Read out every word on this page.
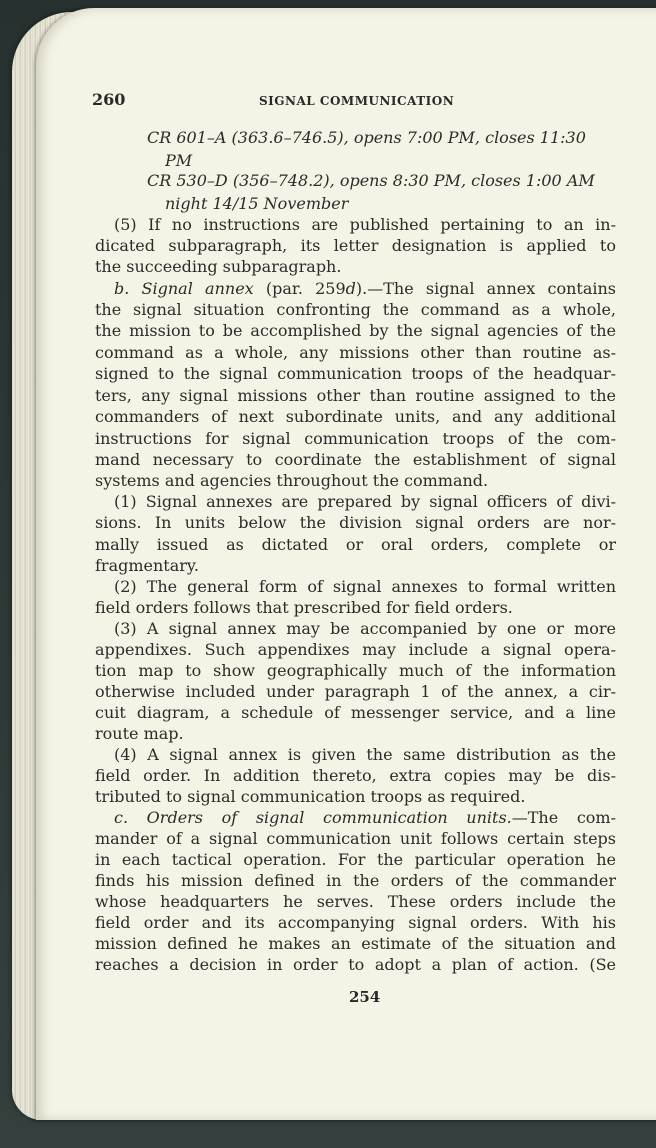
260	SIGNAL COMMUNICATION
CR 601–A (363.6–746.5), opens 7:00 PM, closes 11:30
PM
CR 530–D (356–748.2), opens 8:30 PM, closes 1:00 AM
night 14/15 November
(5) If no instructions are published pertaining to an in-
dicated subparagraph, its letter designation is applied to
the succeeding subparagraph.
b. Signal annex (par. 259d).—The signal annex contains
the signal situation confronting the command as a whole,
the mission to be accomplished by the signal agencies of the
command as a whole, any missions other than routine as-
signed to the signal communication troops of the headquar-
ters, any signal missions other than routine assigned to the
commanders of next subordinate units, and any additional
instructions for signal communication troops of the com-
mand necessary to coordinate the establishment of signal
systems and agencies throughout the command.
(1) Signal annexes are prepared by signal officers of divi-
sions. In units below the division signal orders are nor-
mally issued as dictated or oral orders, complete or
fragmentary.
(2) The general form of signal annexes to formal written
field orders follows that prescribed for field orders.
(3) A signal annex may be accompanied by one or more
appendixes. Such appendixes may include a signal opera-
tion map to show geographically much of the information
otherwise included under paragraph 1 of the annex, a cir-
cuit diagram, a schedule of messenger service, and a line
route map.
(4) A signal annex is given the same distribution as the
field order. In addition thereto, extra copies may be dis-
tributed to signal communication troops as required.
c. Orders of signal communication units.—The com-
mander of a signal communication unit follows certain steps
in each tactical operation. For the particular operation he
finds his mission defined in the orders of the commander
whose headquarters he serves. These orders include the
field order and its accompanying signal orders. With his
mission defined he makes an estimate of the situation and
reaches a decision in order to adopt a plan of action. (Se
254
